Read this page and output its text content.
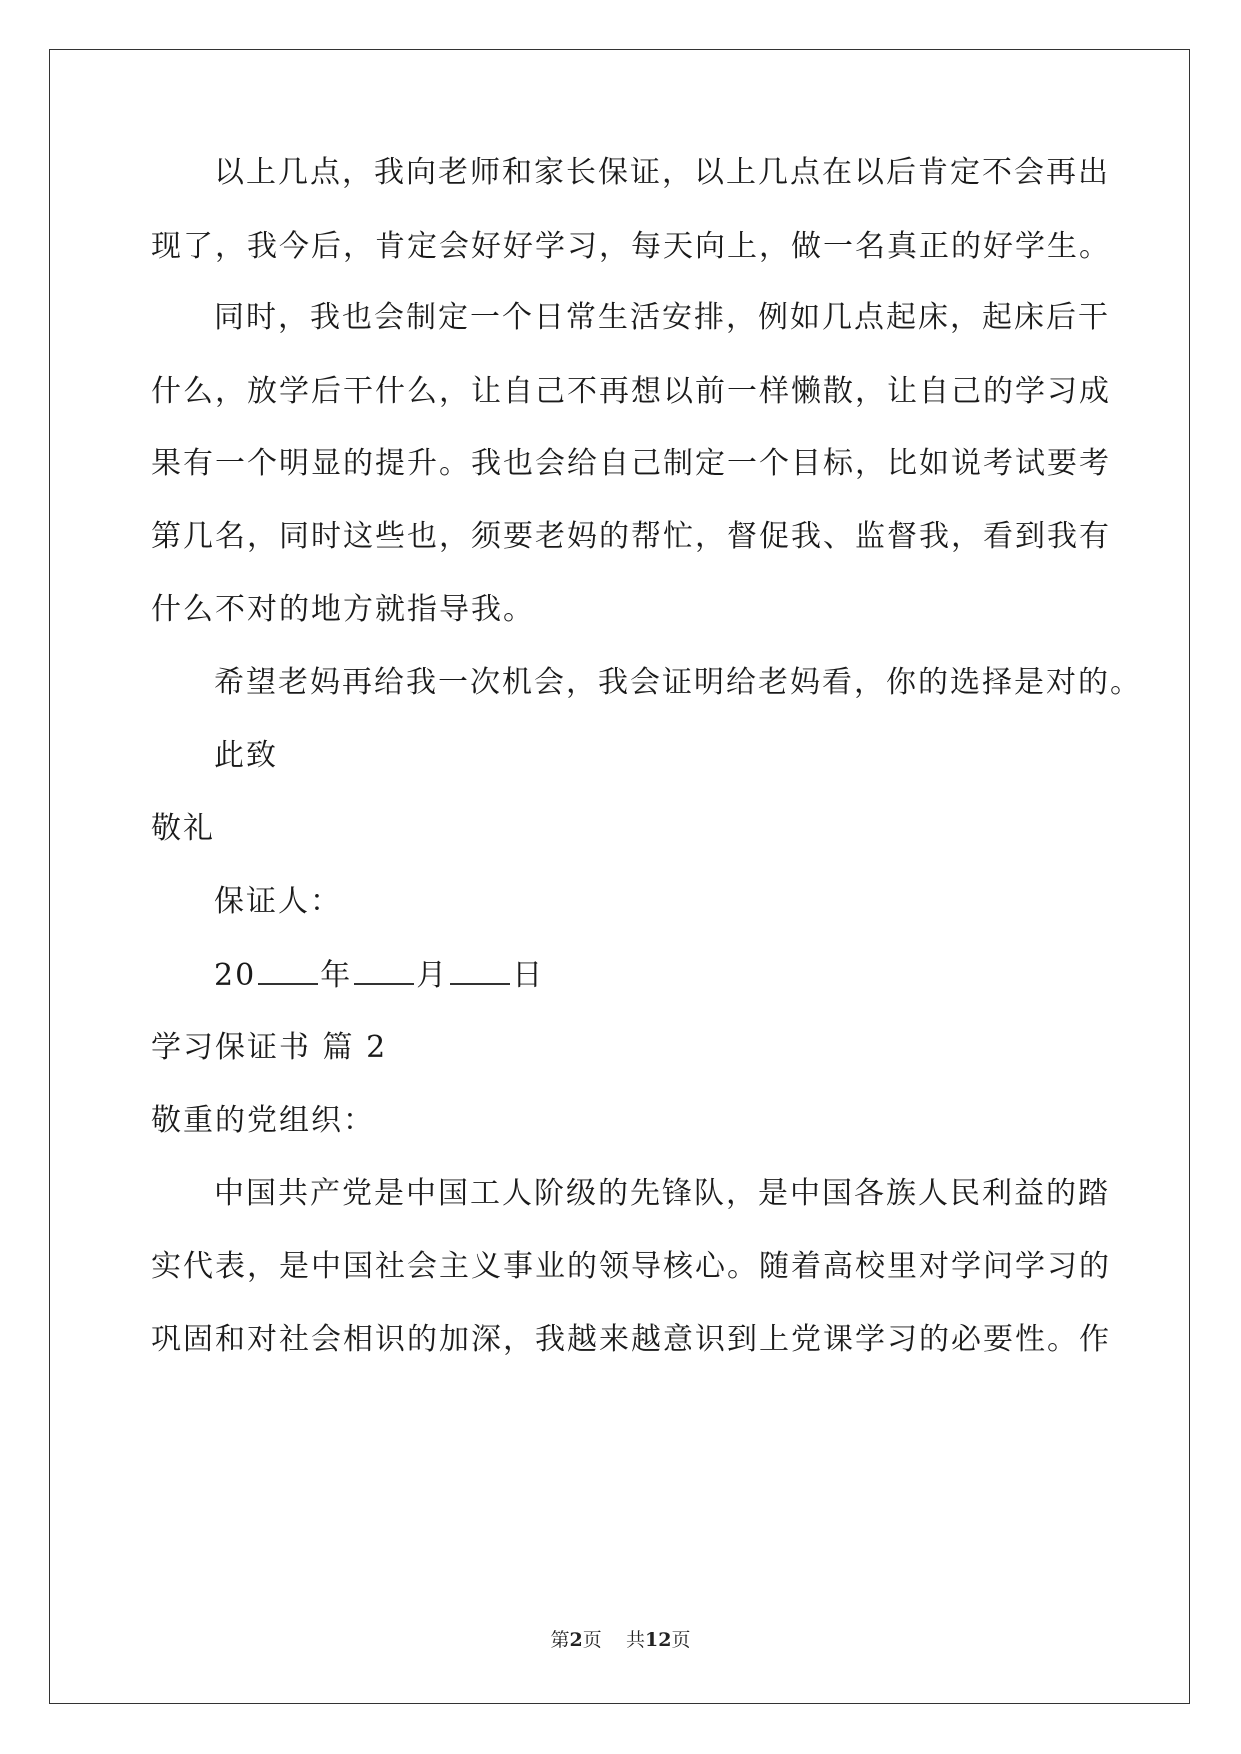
以上几点，我向老师和家长保证，以上几点在以后肯定不会再出
现了，我今后，肯定会好好学习，每天向上，做一名真正的好学生。
同时，我也会制定一个日常生活安排，例如几点起床，起床后干
什么，放学后干什么，让自己不再想以前一样懒散，让自己的学习成
果有一个明显的提升。我也会给自己制定一个目标，比如说考试要考
第几名，同时这些也，须要老妈的帮忙，督促我、监督我，看到我有
什么不对的地方就指导我。
希望老妈再给我一次机会，我会证明给老妈看，你的选择是对的。
此致
敬礼
保证人：
20 年 月 日
学习保证书 篇 2
敬重的党组织：
中国共产党是中国工人阶级的先锋队，是中国各族人民利益的踏
实代表，是中国社会主义事业的领导核心。随着高校里对学问学习的
巩固和对社会相识的加深，我越来越意识到上党课学习的必要性。作
第2页 共12页
